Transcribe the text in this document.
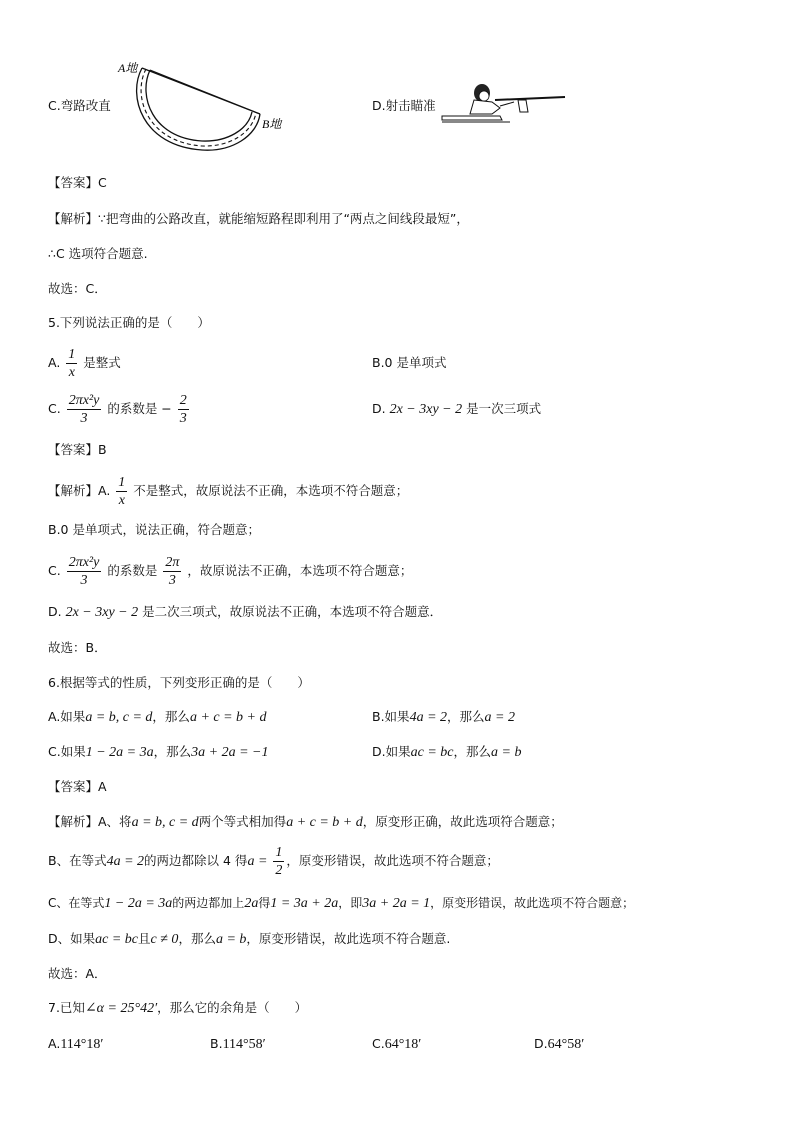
C.弯路改直
A地
B地
D.射击瞄准
【答案】C
【解析】∵把弯曲的公路改直，就能缩短路程即利用了“两点之间线段最短”，
∴C 选项符合题意.
故选：C．
5.下列说法正确的是（　　）
A. $\frac{1}{x}$ 是整式	B.0 是单项式
C. $\frac{\text{2πx²y}}{3}$ 的系数是 − $\frac{2}{3}$	D. 2x − 3xy − 2 是一次三项式
【答案】B
【解析】A. $\frac{1}{x}$ 不是整式，故原说法不正确，本选项不符合题意；
B.0 是单项式，说法正确，符合题意；
C. $\frac{\text{2πx²y}}{3}$ 的系数是 $\frac{2\pi}{3}$ ，故原说法不正确，本选项不符合题意；
D. 2x − 3xy − 2 是二次三项式，故原说法不正确，本选项不符合题意．
故选：B．
6.根据等式的性质，下列变形正确的是（　　）
A.如果a = b, c = d，那么a + c = b + d	B.如果4a = 2，那么a = 2
C.如果1 − 2a = 3a，那么3a + 2a = −1	D.如果ac = bc，那么a = b
【答案】A
【解析】A、将a = b, c = d两个等式相加得a + c = b + d，原变形正确，故此选项符合题意；
B、在等式4a = 2的两边都除以 4 得$a = \frac{1}{2}$ ，原变形错误，故此选项不符合题意；
C、在等式1 − 2a = 3a的两边都加上2a得1 = 3a + 2a，即3a + 2a = 1，原变形错误，故此选项不符合题意；
D、如果ac = bc且c ≠ 0，那么a = b，原变形错误，故此选项不符合题意.
故选：A．
7.已知∠α = 25°42′，那么它的余角是（　　）
A.114°18′	B.114°58′	C.64°18′	D.64°58′
